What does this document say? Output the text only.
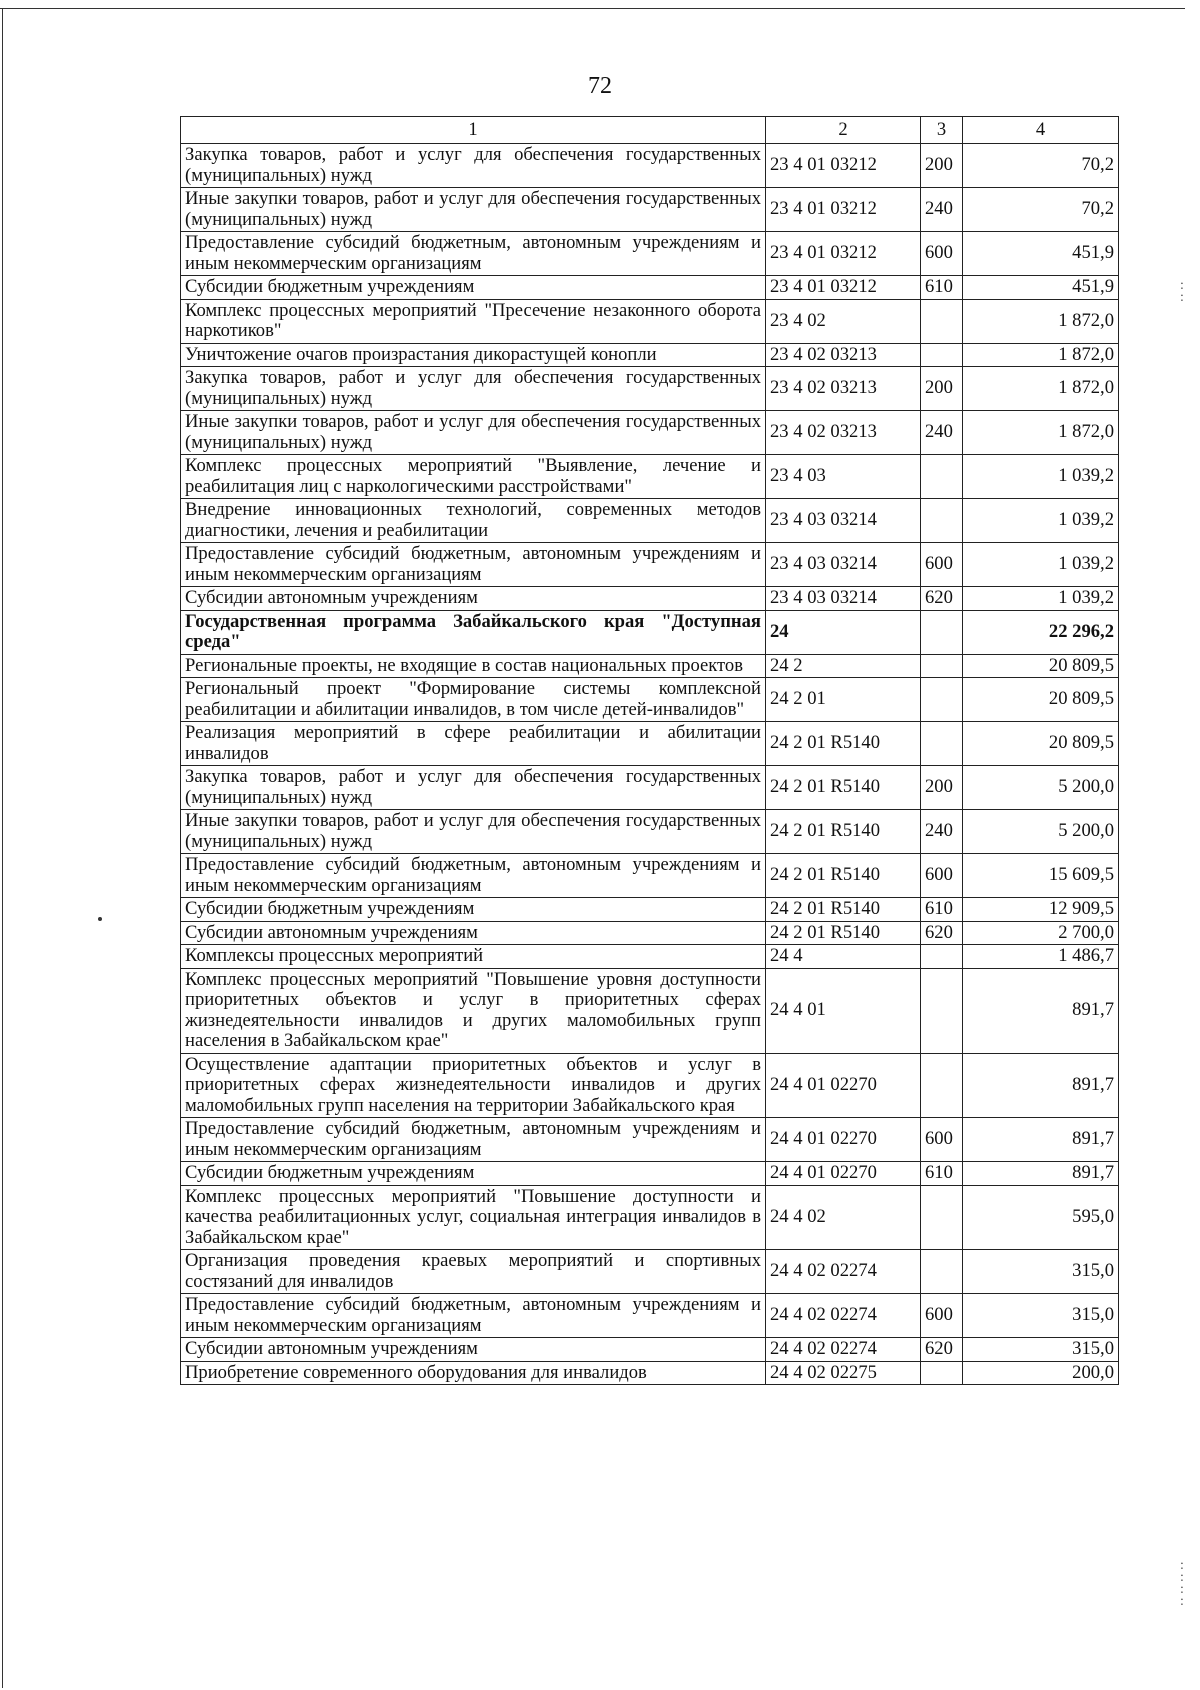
:
:
:
:
:
:
72
1	2	3	4
Закупка товаров, работ и услуг для обеспечения государственных (муниципальных) нужд	23 4 01 03212	200	70,2
Иные закупки товаров, работ и услуг для обеспечения государственных (муниципальных) нужд	23 4 01 03212	240	70,2
Предоставление субсидий бюджетным, автономным учреждениям и иным некоммерческим организациям	23 4 01 03212	600	451,9
Субсидии бюджетным учреждениям	23 4 01 03212	610	451,9
Комплекс процессных мероприятий "Пресечение незаконного оборота наркотиков"	23 4 02		1 872,0
Уничтожение очагов произрастания дикорастущей конопли	23 4 02 03213		1 872,0
Закупка товаров, работ и услуг для обеспечения государственных (муниципальных) нужд	23 4 02 03213	200	1 872,0
Иные закупки товаров, работ и услуг для обеспечения государственных (муниципальных) нужд	23 4 02 03213	240	1 872,0
Комплекс процессных мероприятий "Выявление, лечение и реабилитация лиц с наркологическими расстройствами"	23 4 03		1 039,2
Внедрение инновационных технологий, современных методов диагностики, лечения и реабилитации	23 4 03 03214		1 039,2
Предоставление субсидий бюджетным, автономным учреждениям и иным некоммерческим организациям	23 4 03 03214	600	1 039,2
Субсидии автономным учреждениям	23 4 03 03214	620	1 039,2
Государственная программа Забайкальского края "Доступная среда"	24		22 296,2
Региональные проекты, не входящие в состав национальных проектов	24 2		20 809,5
Региональный проект "Формирование системы комплексной реабилитации и абилитации инвалидов, в том числе детей-инвалидов"	24 2 01		20 809,5
Реализация мероприятий в сфере реабилитации и абилитации инвалидов	24 2 01 R5140		20 809,5
Закупка товаров, работ и услуг для обеспечения государственных (муниципальных) нужд	24 2 01 R5140	200	5 200,0
Иные закупки товаров, работ и услуг для обеспечения государственных (муниципальных) нужд	24 2 01 R5140	240	5 200,0
Предоставление субсидий бюджетным, автономным учреждениям и иным некоммерческим организациям	24 2 01 R5140	600	15 609,5
Субсидии бюджетным учреждениям	24 2 01 R5140	610	12 909,5
Субсидии автономным учреждениям	24 2 01 R5140	620	2 700,0
Комплексы процессных мероприятий	24 4		1 486,7
Комплекс процессных мероприятий "Повышение уровня доступности приоритетных объектов и услуг в приоритетных сферах жизнедеятельности инвалидов и других маломобильных групп населения в Забайкальском крае"	24 4 01		891,7
Осуществление адаптации приоритетных объектов и услуг в приоритетных сферах жизнедеятельности инвалидов и других маломобильных групп населения на территории Забайкальского края	24 4 01 02270		891,7
Предоставление субсидий бюджетным, автономным учреждениям и иным некоммерческим организациям	24 4 01 02270	600	891,7
Субсидии бюджетным учреждениям	24 4 01 02270	610	891,7
Комплекс процессных мероприятий "Повышение доступности и качества реабилитационных услуг, социальная интеграция инвалидов в Забайкальском крае"	24 4 02		595,0
Организация проведения краевых мероприятий и спортивных состязаний для инвалидов	24 4 02 02274		315,0
Предоставление субсидий бюджетным, автономным учреждениям и иным некоммерческим организациям	24 4 02 02274	600	315,0
Субсидии автономным учреждениям	24 4 02 02274	620	315,0
Приобретение современного оборудования для инвалидов	24 4 02 02275		200,0
